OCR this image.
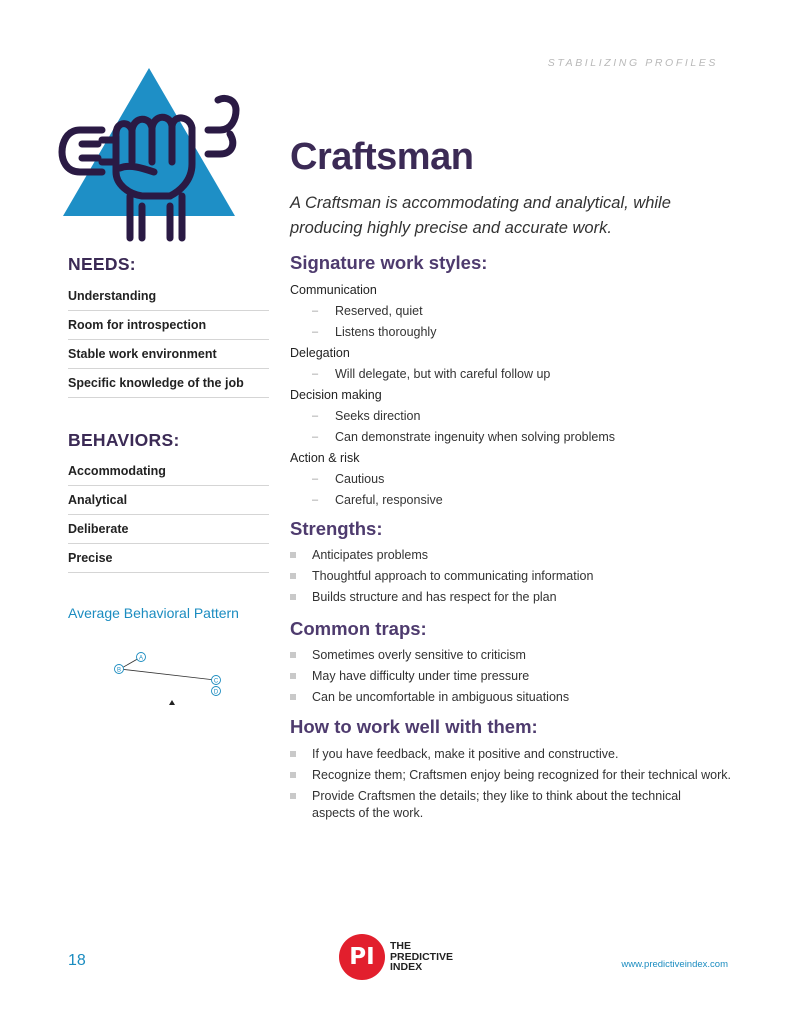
STABILIZING PROFILES
Craftsman
A Craftsman is accommodating and analytical, while producing highly precise and accurate work.
NEEDS:
Understanding
Room for introspection
Stable work environment
Specific knowledge of the job
BEHAVIORS:
Accommodating
Analytical
Deliberate
Precise
Average Behavioral Pattern
A
B
C
D
Signature work styles:
Communication
– Reserved, quiet
– Listens thoroughly
Delegation
– Will delegate, but with careful follow up
Decision making
– Seeks direction
– Can demonstrate ingenuity when solving problems
Action & risk
– Cautious
– Careful, responsive
Strengths:
Anticipates problems
Thoughtful approach to communicating information
Builds structure and has respect for the plan
Common traps:
Sometimes overly sensitive to criticism
May have difficulty under time pressure
Can be uncomfortable in ambiguous situations
How to work well with them:
If you have feedback, make it positive and constructive.
Recognize them; Craftsmen enjoy being recognized for their technical work.
Provide Craftsmen the details; they like to think about the technical aspects of the work.
18	PI	THE
PREDICTIVE
INDEX	www.predictiveindex.com
